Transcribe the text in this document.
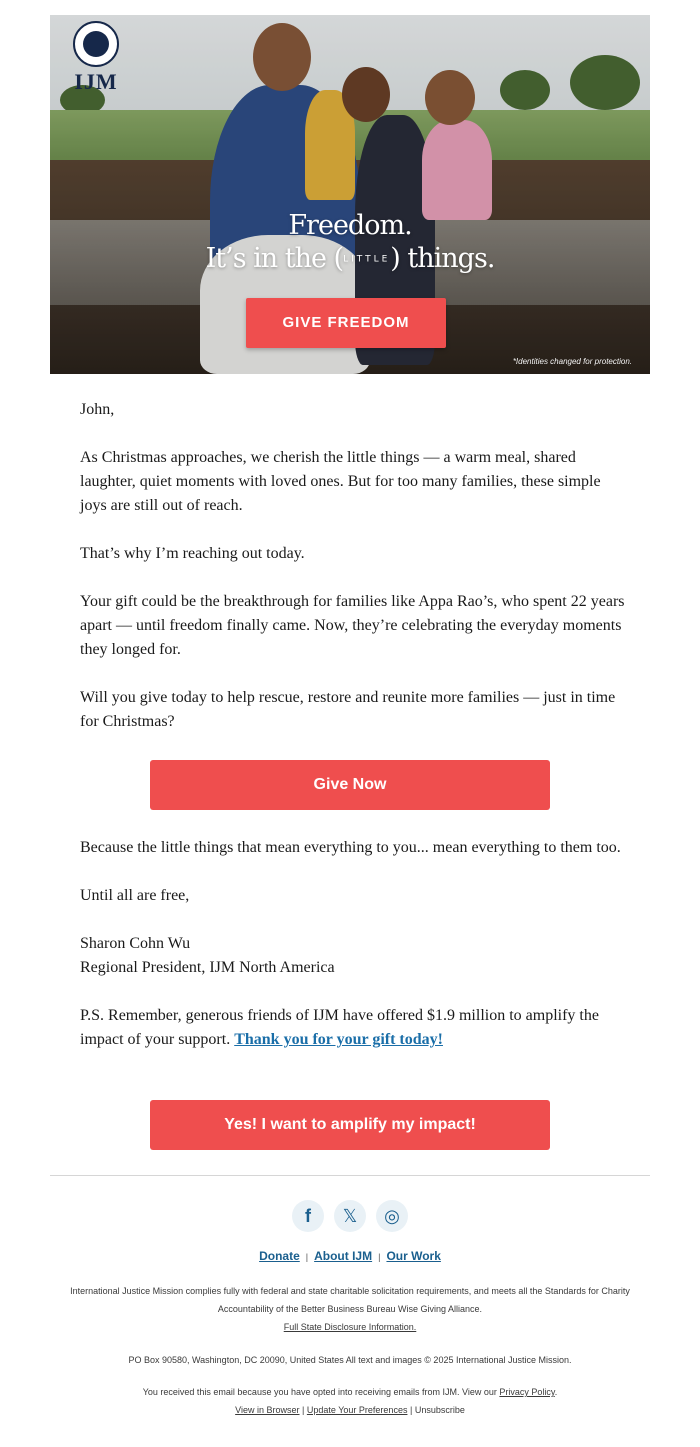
IJM
Freedom.
It’s in the (LITTLE) things.
GIVE FREEDOM
*Identities changed for protection.

John,

As Christmas approaches, we cherish the little things — a warm meal, shared laughter, quiet moments with loved ones. But for too many families, these simple joys are still out of reach.

That’s why I’m reaching out today.

Your gift could be the breakthrough for families like Appa Rao’s, who spent 22 years apart — until freedom finally came. Now, they’re celebrating the everyday moments they longed for.

Will you give today to help rescue, restore and reunite more families — just in time for Christmas?

Give Now

Because the little things that mean everything to you... mean everything to them too.

Until all are free,

Sharon Cohn Wu

Regional President, IJM North America

P.S. Remember, generous friends of IJM have offered $1.9 million to amplify the impact of your support. Thank you for your gift today!

Yes! I want to amplify my impact!
f	𝕏	◎
Donate | About IJM | Our Work
International Justice Mission complies fully with federal and state charitable solicitation requirements, and meets all the Standards for Charity Accountability of the Better Business Bureau Wise Giving Alliance.
Full State Disclosure Information.
PO Box 90580, Washington, DC 20090, United States All text and images © 2025 International Justice Mission.
You received this email because you have opted into receiving emails from IJM. View our Privacy Policy.
View in Browser | Update Your Preferences | Unsubscribe
